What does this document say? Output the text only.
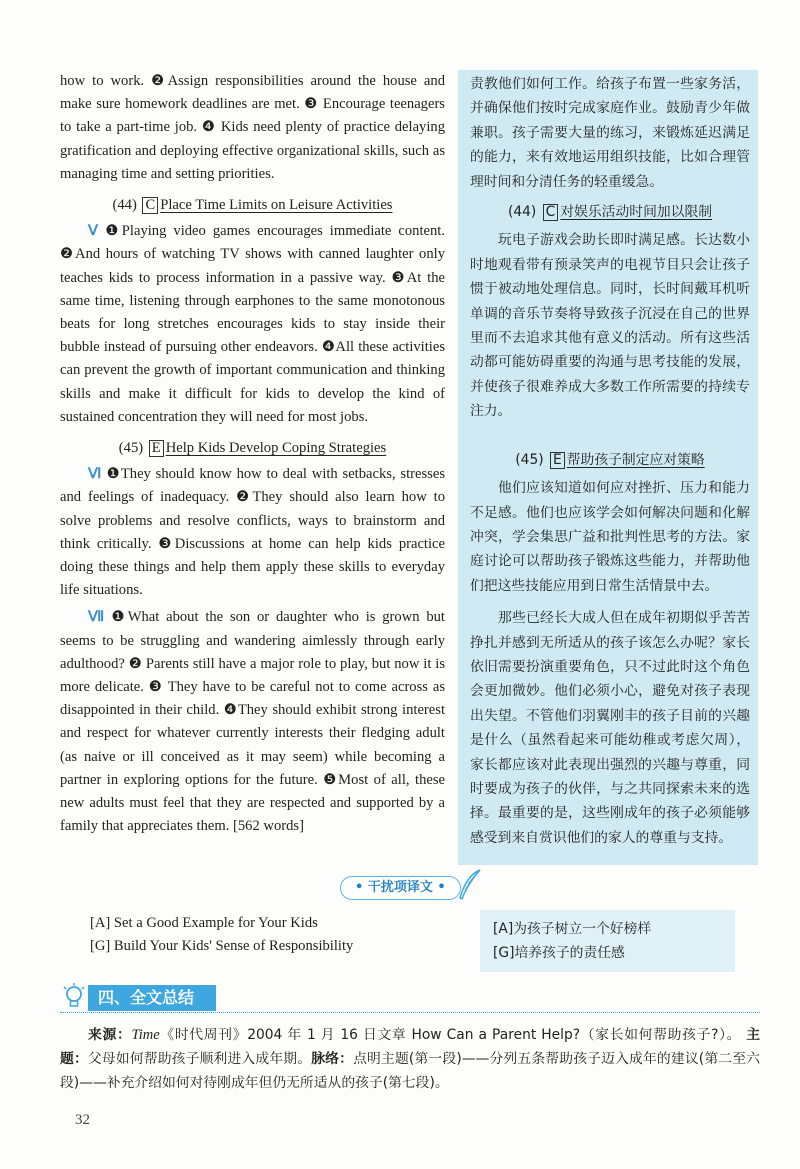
how to work. ❷Assign responsibilities around the house and make sure homework deadlines are met. ❸ Encourage teenagers to take a part-time job. ❹ Kids need plenty of practice delaying gratification and deploying effective organizational skills, such as managing time and setting priorities.

(44) C Place Time Limits on Leisure Activities

Ⅴ ❶Playing video games encourages immediate content. ❷And hours of watching TV shows with canned laughter only teaches kids to process information in a passive way. ❸At the same time, listening through earphones to the same monotonous beats for long stretches encourages kids to stay inside their bubble instead of pursuing other endeavors. ❹All these activities can prevent the growth of important communication and thinking skills and make it difficult for kids to develop the kind of sustained concentration they will need for most jobs.

(45) E Help Kids Develop Coping Strategies

Ⅵ ❶They should know how to deal with setbacks, stresses and feelings of inadequacy. ❷They should also learn how to solve problems and resolve conflicts, ways to brainstorm and think critically. ❸Discussions at home can help kids practice doing these things and help them apply these skills to everyday life situations.

Ⅶ ❶What about the son or daughter who is grown but seems to be struggling and wandering aimlessly through early adulthood? ❷ Parents still have a major role to play, but now it is more delicate. ❸ They have to be careful not to come across as disappointed in their child. ❹They should exhibit strong interest and respect for whatever currently interests their fledging adult (as naive or ill conceived as it may seem) while becoming a partner in exploring options for the future. ❺Most of all, these new adults must feel that they are respected and supported by a family that appreciates them. [562 words]

责教他们如何工作。给孩子布置一些家务活，并确保他们按时完成家庭作业。鼓励青少年做兼职。孩子需要大量的练习，来锻炼延迟满足的能力，来有效地运用组织技能，比如合理管理时间和分清任务的轻重缓急。

(44) C 对娱乐活动时间加以限制

玩电子游戏会助长即时满足感。长达数小时地观看带有预录笑声的电视节目只会让孩子惯于被动地处理信息。同时，长时间戴耳机听单调的音乐节奏将导致孩子沉浸在自己的世界里而不去追求其他有意义的活动。所有这些活动都可能妨碍重要的沟通与思考技能的发展，并使孩子很难养成大多数工作所需要的持续专注力。

(45) E 帮助孩子制定应对策略

他们应该知道如何应对挫折、压力和能力不足感。他们也应该学会如何解决问题和化解冲突，学会集思广益和批判性思考的方法。家庭讨论可以帮助孩子锻炼这些能力，并帮助他们把这些技能应用到日常生活情景中去。

那些已经长大成人但在成年初期似乎苦苦挣扎并感到无所适从的孩子该怎么办呢？家长依旧需要扮演重要角色，只不过此时这个角色会更加微妙。他们必须小心，避免对孩子表现出失望。不管他们羽翼刚丰的孩子目前的兴趣是什么（虽然看起来可能幼稚或考虑欠周），家长都应该对此表现出强烈的兴趣与尊重，同时要成为孩子的伙伴，与之共同探索未来的选择。最重要的是，这些刚成年的孩子必须能够感受到来自赏识他们的家人的尊重与支持。

• 干扰项译文 •
[A] Set a Good Example for Your Kids
[G] Build Your Kids' Sense of Responsibility
[A]为孩子树立一个好榜样
[G]培养孩子的责任感
四、全文总结
来源：Time《时代周刊》2004 年 1 月 16 日文章 How Can a Parent Help?（家长如何帮助孩子?）。 主题：父母如何帮助孩子顺利进入成年期。脉络：点明主题(第一段)——分列五条帮助孩子迈入成年的建议(第二至六段)——补充介绍如何对待刚成年但仍无所适从的孩子(第七段)。
32
